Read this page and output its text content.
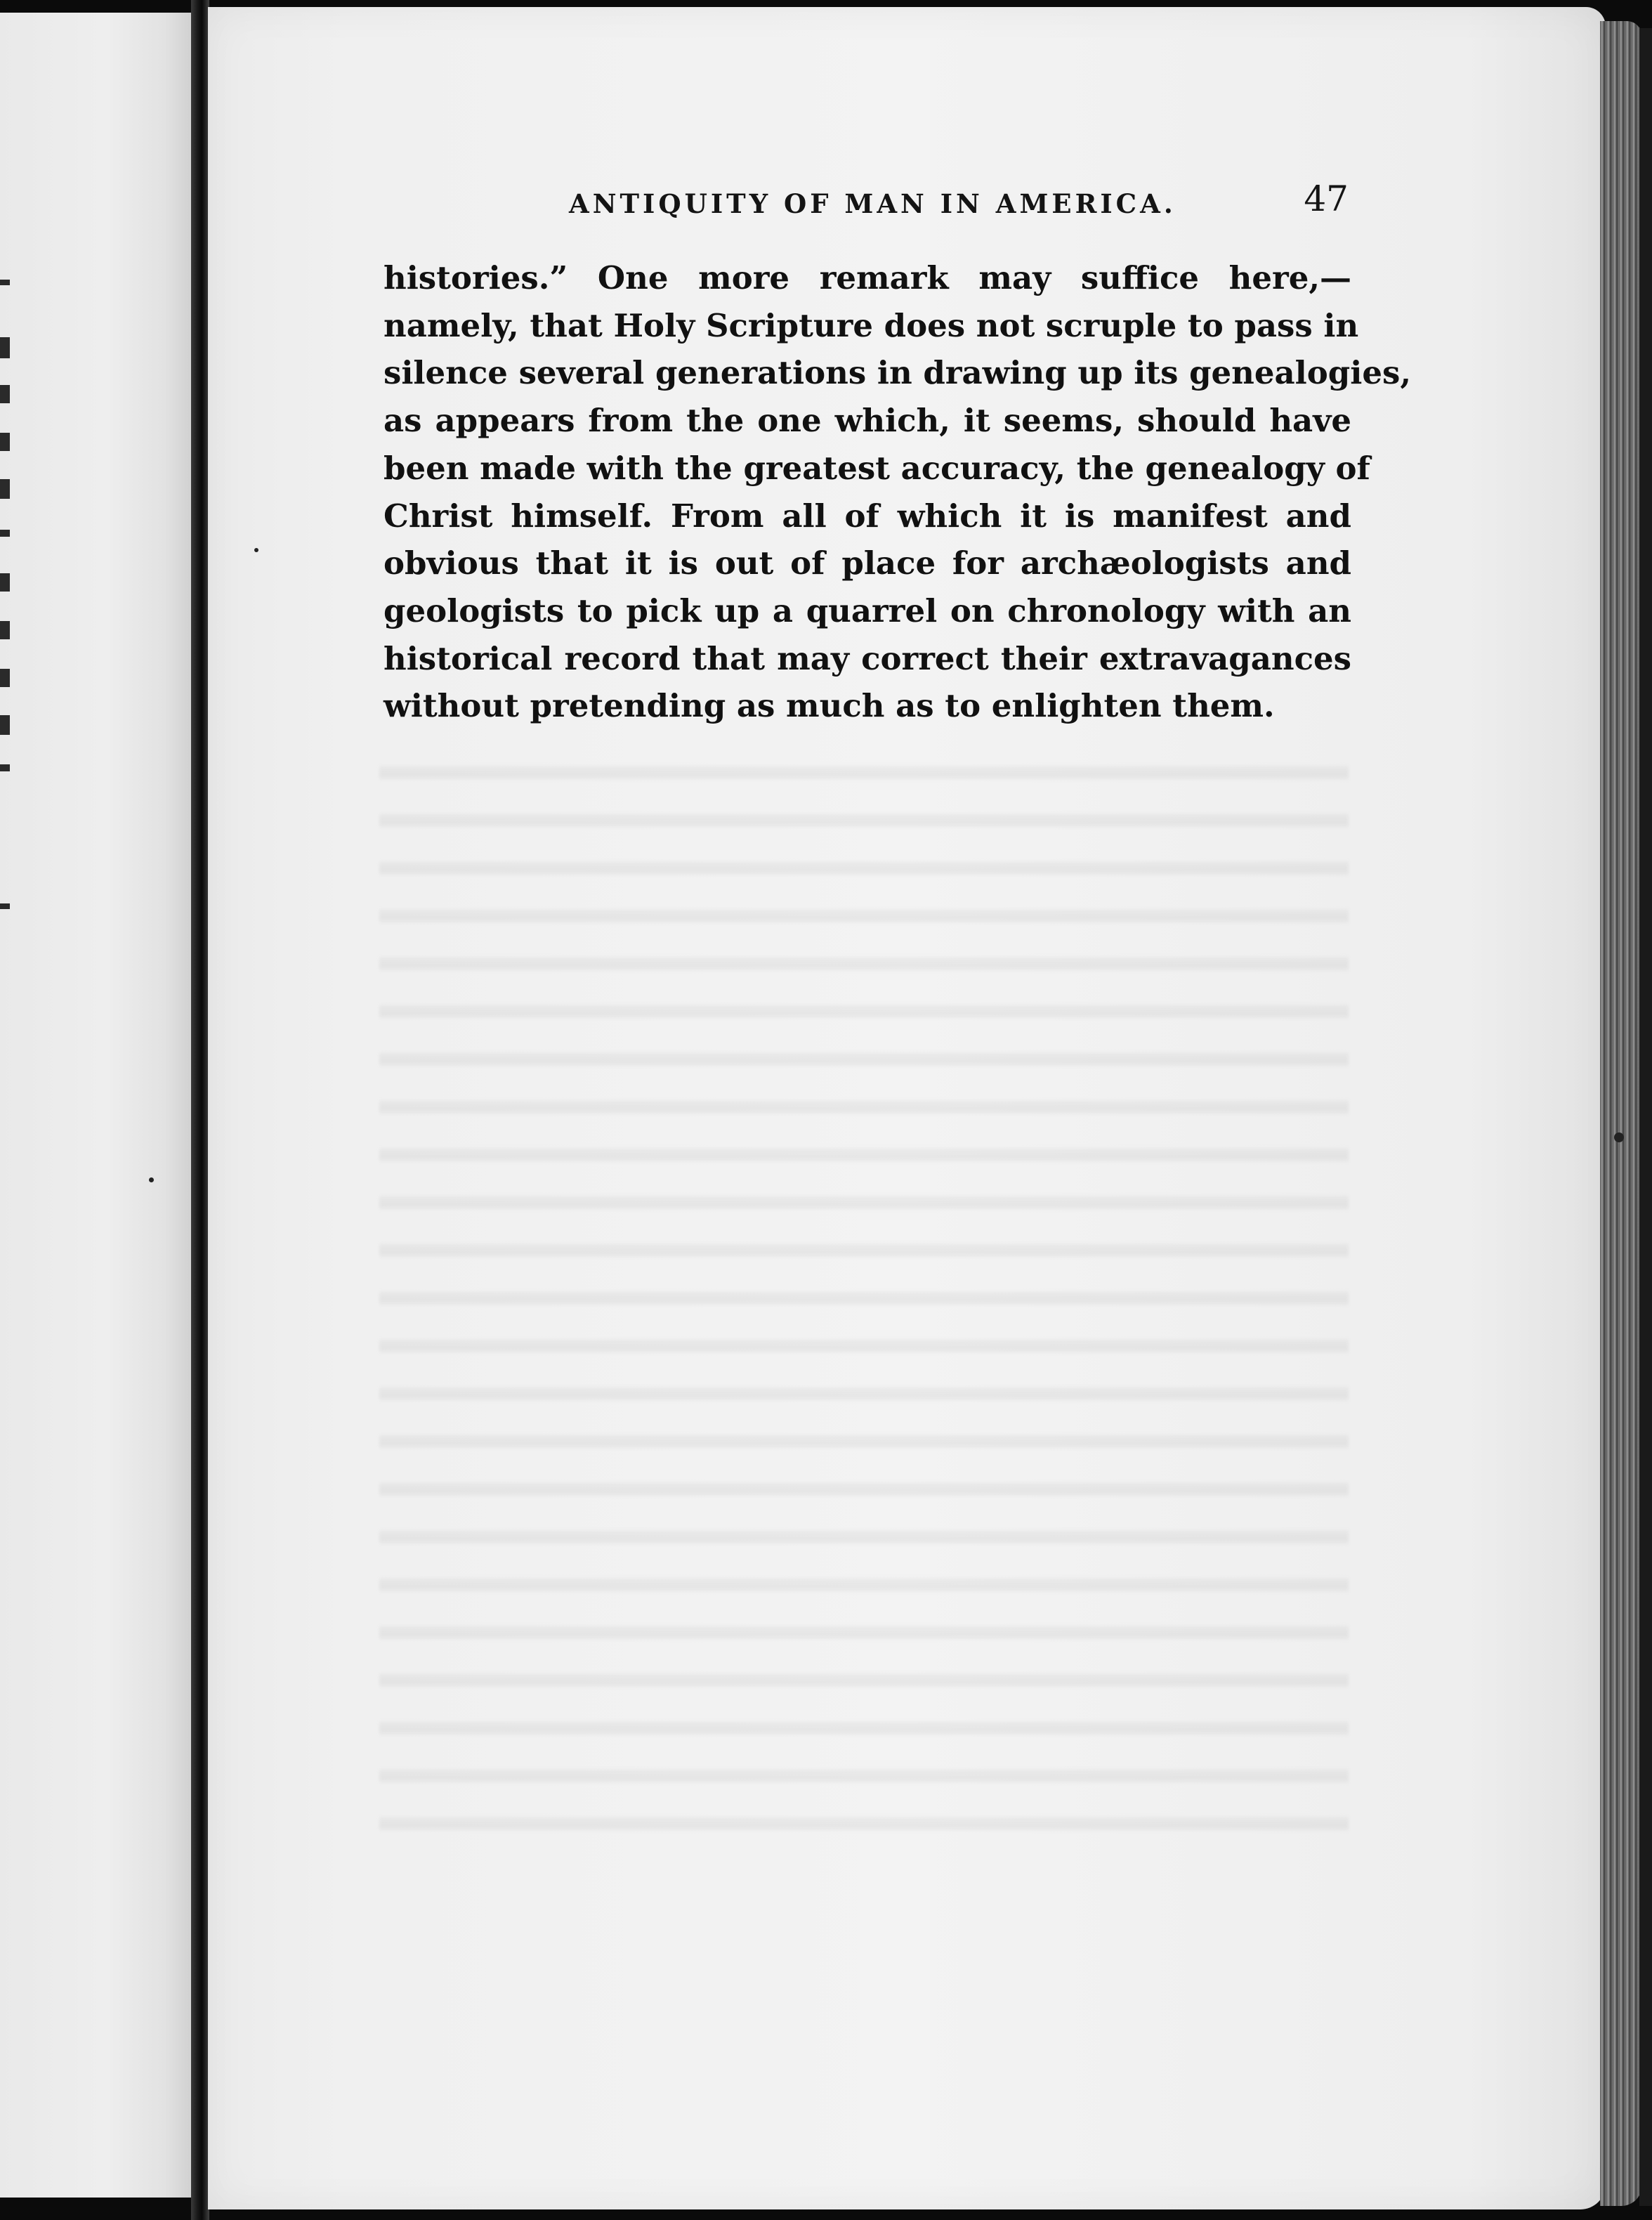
ANTIQUITY OF MAN IN AMERICA.	47
histories.” One more remark may suffice here,—
namely, that Holy Scripture does not scruple to pass in
silence several generations in drawing up its genealogies,
as appears from the one which, it seems, should have
been made with the greatest accuracy, the genealogy of
Christ himself. From all of which it is manifest and
obvious that it is out of place for archæologists and
geologists to pick up a quarrel on chronology with an
historical record that may correct their extravagances
without pretending as much as to enlighten them.
